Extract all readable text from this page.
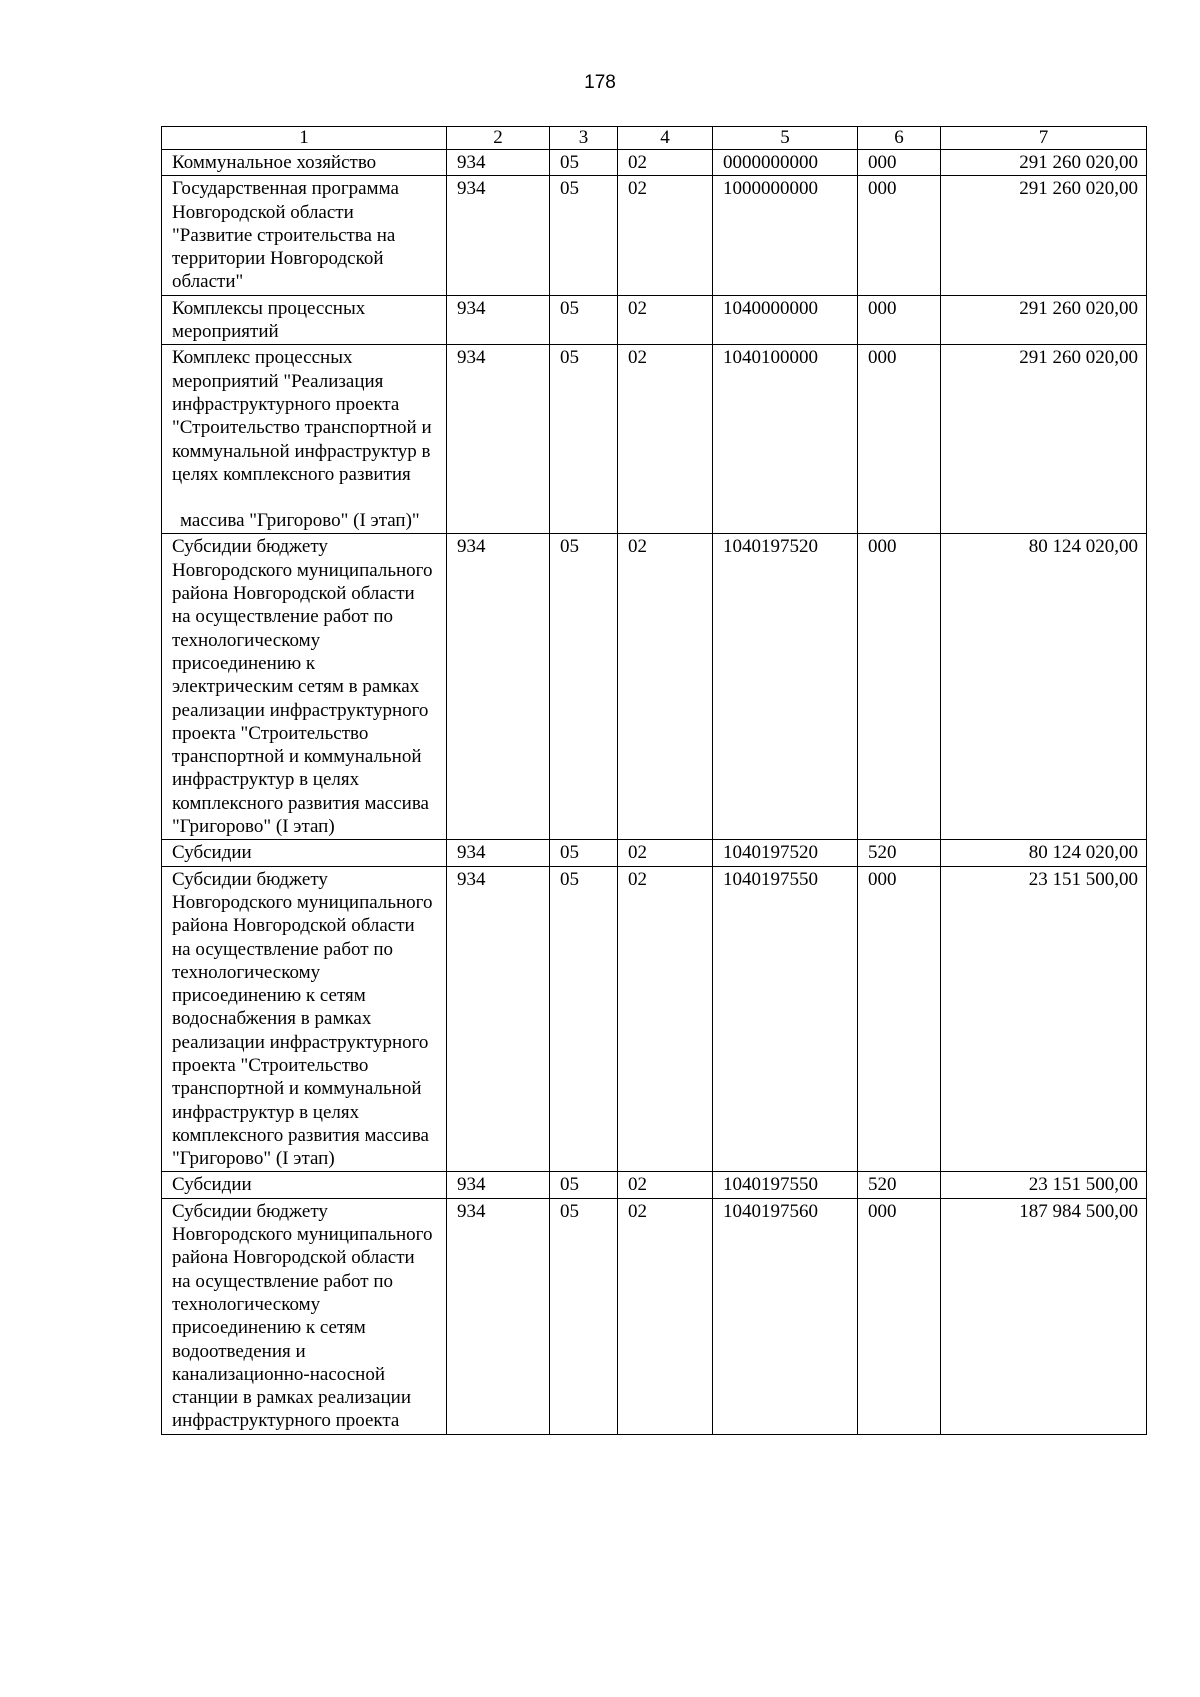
178
1	2	3	4	5	6	7
Коммунальное хозяйство	934	05	02	0000000000	000	291 260 020,00
Государственная программа Новгородской области "Развитие строительства на территории Новгородской области"	934	05	02	1000000000	000	291 260 020,00
Комплексы процессных мероприятий	934	05	02	1040000000	000	291 260 020,00
Комплекс процессных мероприятий "Реализация инфраструктурного проекта "Строительство транспортной и коммунальной инфраструктур в целях комплексного развития
массива "Григорово" (I этап)"	934	05	02	1040100000	000	291 260 020,00
Субсидии бюджету Новгородского муниципального района Новгородской области на осуществление работ по технологическому присоединению к электрическим сетям в рамках реализации инфраструктурного проекта "Строительство транспортной и коммунальной инфраструктур в целях комплексного развития массива "Григорово" (I этап)	934	05	02	1040197520	000	80 124 020,00
Субсидии	934	05	02	1040197520	520	80 124 020,00
Субсидии бюджету Новгородского муниципального района Новгородской области на осуществление работ по технологическому присоединению к сетям водоснабжения в рамках реализации инфраструктурного проекта "Строительство транспортной и коммунальной инфраструктур в целях комплексного развития массива "Григорово" (I этап)	934	05	02	1040197550	000	23 151 500,00
Субсидии	934	05	02	1040197550	520	23 151 500,00
Субсидии бюджету Новгородского муниципального района Новгородской области на осуществление работ по технологическому присоединению к сетям водоотведения и канализационно-насосной станции в рамках реализации инфраструктурного проекта	934	05	02	1040197560	000	187 984 500,00
